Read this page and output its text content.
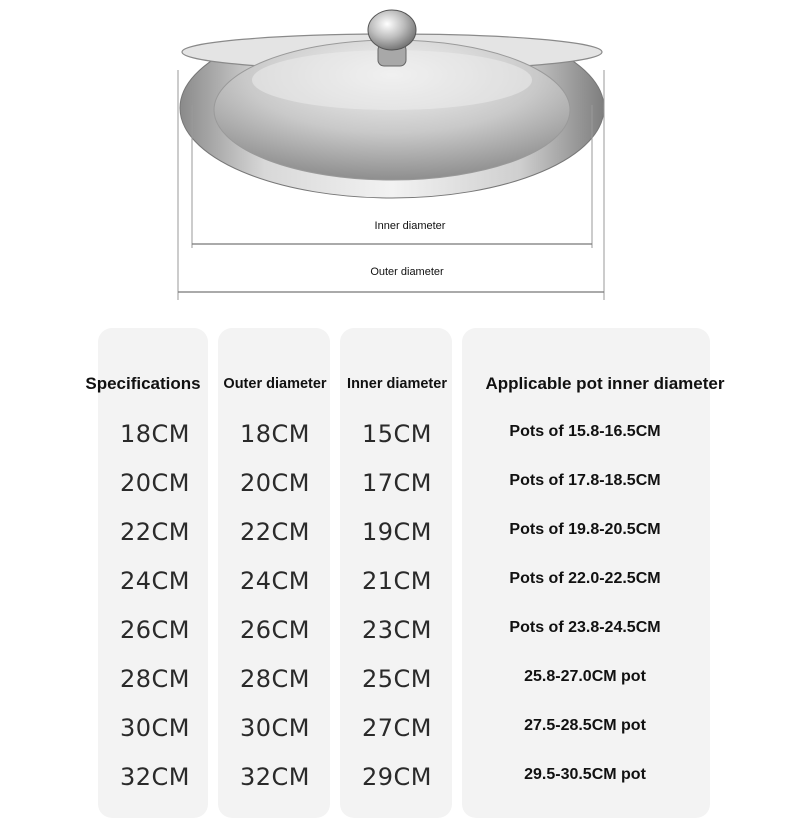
Inner diameter
Outer diameter
Specifications Outer diameter Inner diameter Applicable pot inner diameter
18CM 18CM 15CM	Pots of 15.8-16.5CM
20CM 20CM 17CM	Pots of 17.8-18.5CM
22CM 22CM 19CM	Pots of 19.8-20.5CM
24CM 24CM 21CM	Pots of 22.0-22.5CM
26CM 26CM 23CM	Pots of 23.8-24.5CM
28CM 28CM 25CM	25.8-27.0CM pot
30CM 30CM 27CM	27.5-28.5CM pot
32CM 32CM 29CM	29.5-30.5CM pot
